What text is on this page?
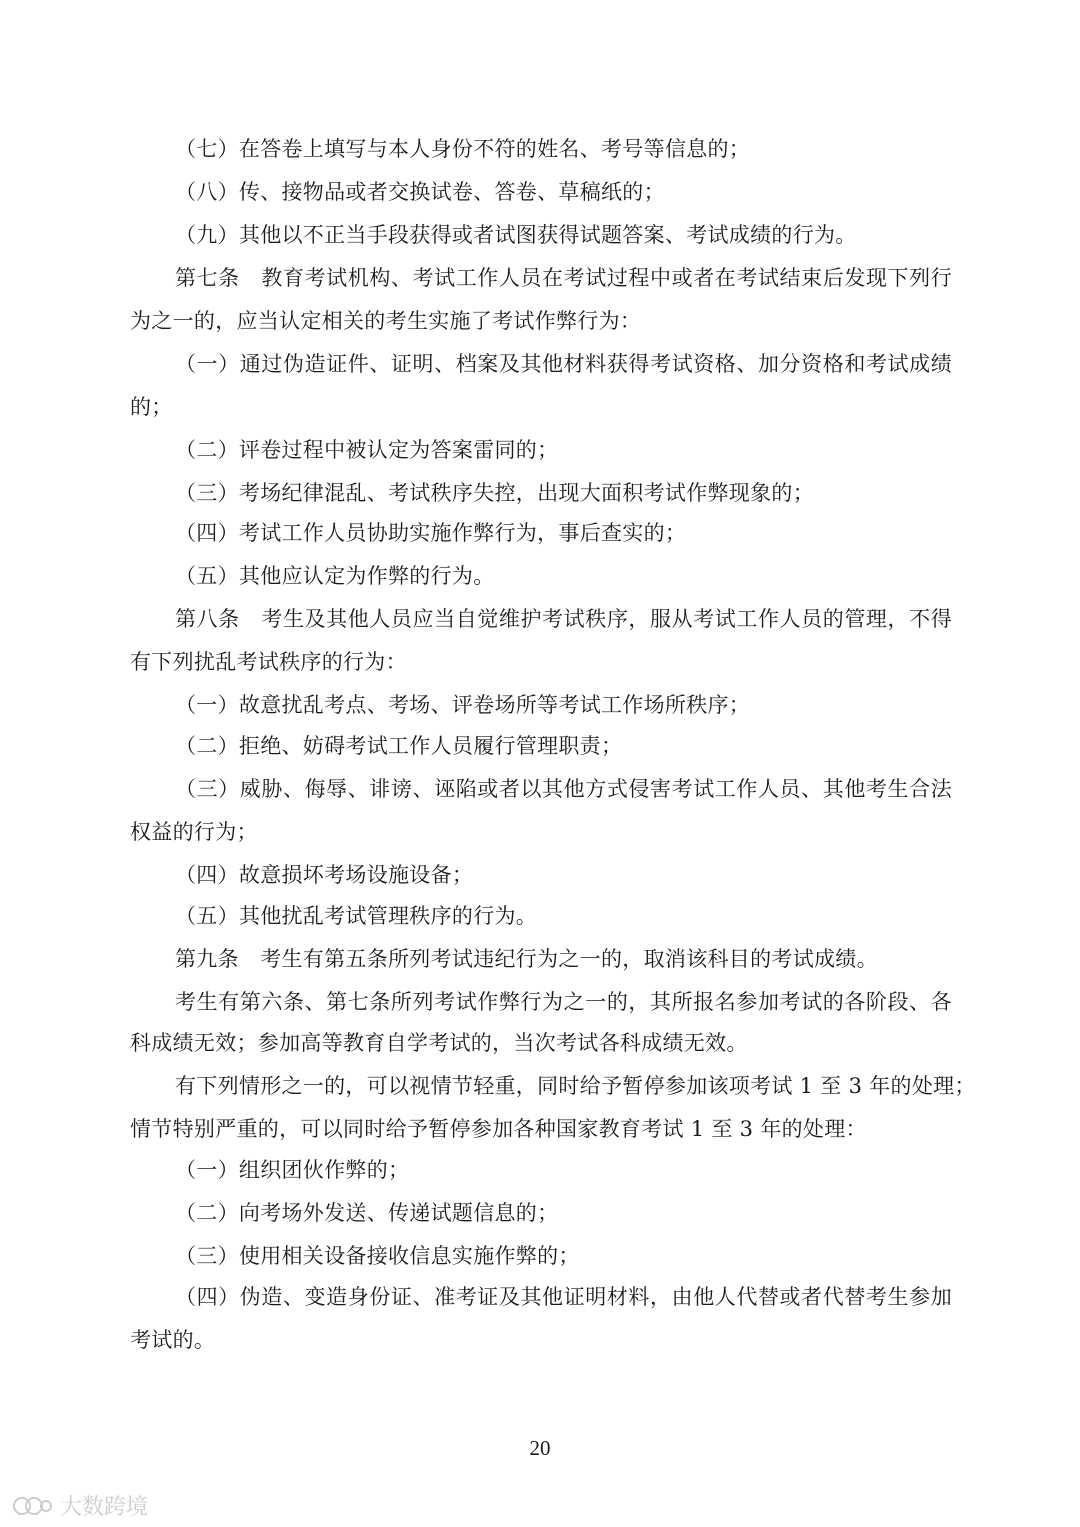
（七）在答卷上填写与本人身份不符的姓名、考号等信息的；
（八）传、接物品或者交换试卷、答卷、草稿纸的；
（九）其他以不正当手段获得或者试图获得试题答案、考试成绩的行为。
第七条　教育考试机构、考试工作人员在考试过程中或者在考试结束后发现下列行
为之一的，应当认定相关的考生实施了考试作弊行为：
（一）通过伪造证件、证明、档案及其他材料获得考试资格、加分资格和考试成绩
的；
（二）评卷过程中被认定为答案雷同的；
（三）考场纪律混乱、考试秩序失控，出现大面积考试作弊现象的；
（四）考试工作人员协助实施作弊行为，事后查实的；
（五）其他应认定为作弊的行为。
第八条　考生及其他人员应当自觉维护考试秩序，服从考试工作人员的管理，不得
有下列扰乱考试秩序的行为：
（一）故意扰乱考点、考场、评卷场所等考试工作场所秩序；
（二）拒绝、妨碍考试工作人员履行管理职责；
（三）威胁、侮辱、诽谤、诬陷或者以其他方式侵害考试工作人员、其他考生合法
权益的行为；
（四）故意损坏考场设施设备；
（五）其他扰乱考试管理秩序的行为。
第九条　考生有第五条所列考试违纪行为之一的，取消该科目的考试成绩。
考生有第六条、第七条所列考试作弊行为之一的，其所报名参加考试的各阶段、各
科成绩无效；参加高等教育自学考试的，当次考试各科成绩无效。
有下列情形之一的，可以视情节轻重，同时给予暂停参加该项考试 1 至 3 年的处理；
情节特别严重的，可以同时给予暂停参加各种国家教育考试 1 至 3 年的处理：
（一）组织团伙作弊的；
（二）向考场外发送、传递试题信息的；
（三）使用相关设备接收信息实施作弊的；
（四）伪造、变造身份证、准考证及其他证明材料，由他人代替或者代替考生参加
考试的。
20
大数跨境
